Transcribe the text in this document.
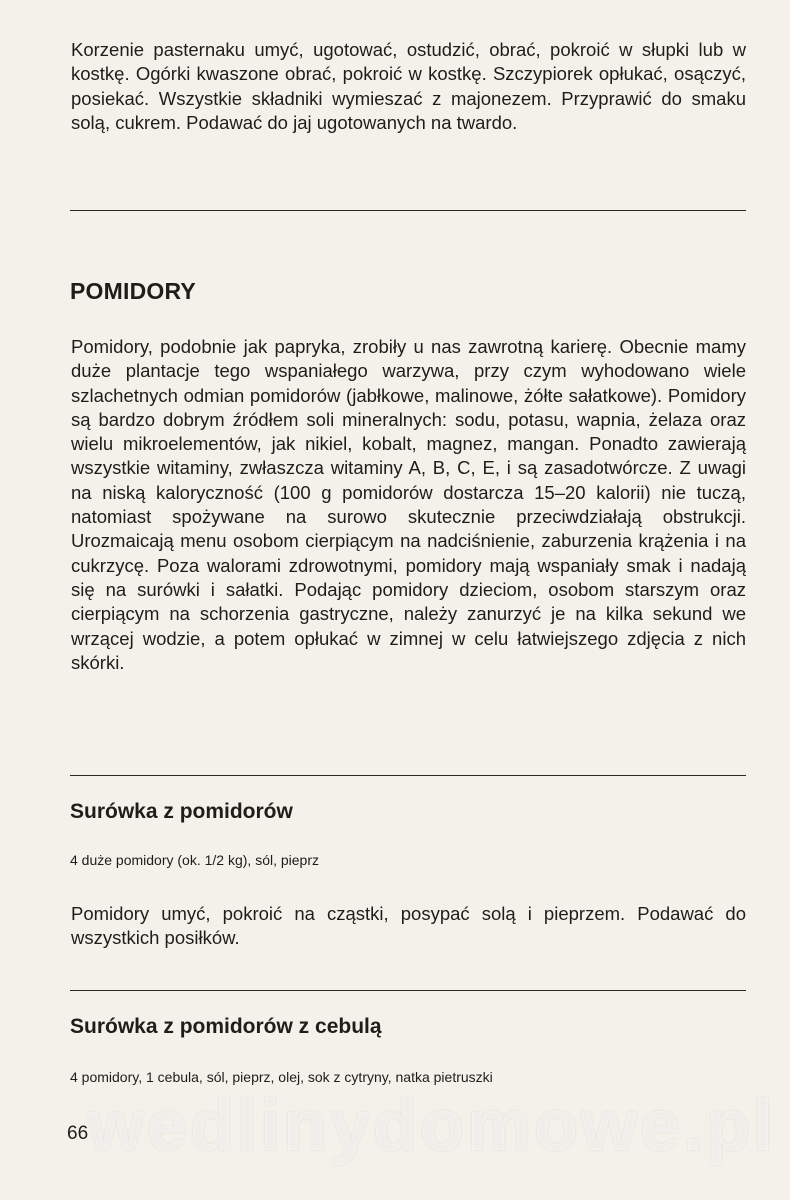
Korzenie pasternaku umyć, ugotować, ostudzić, obrać, pokroić w słupki lub w kostkę. Ogórki kwaszone obrać, pokroić w kostkę. Szczypiorek opłukać, osączyć, posiekać. Wszystkie składniki wymieszać z majonezem. Przyprawić do smaku solą, cukrem. Podawać do jaj ugotowanych na twardo.

POMIDORY

Pomidory, podobnie jak papryka, zrobiły u nas zawrotną karierę. Obecnie mamy duże plantacje tego wspaniałego warzywa, przy czym wyhodowano wiele szlachetnych odmian pomidorów (jabłkowe, malinowe, żółte sałatkowe). Pomidory są bardzo dobrym źródłem soli mineralnych: sodu, potasu, wapnia, żelaza oraz wielu mikroelementów, jak nikiel, kobalt, magnez, mangan. Ponadto zawierają wszystkie witaminy, zwłaszcza witaminy A, B, C, E, i są zasadotwórcze. Z uwagi na niską kaloryczność (100 g pomidorów dostarcza 15–20 kalorii) nie tuczą, natomiast spożywane na surowo skutecznie przeciwdziałają obstrukcji. Urozmaicają menu osobom cierpiącym na nadciśnienie, zaburzenia krążenia i na cukrzycę. Poza walorami zdrowotnymi, pomidory mają wspaniały smak i nadają się na surówki i sałatki. Podając pomidory dzieciom, osobom starszym oraz cierpiącym na schorzenia gastryczne, należy zanurzyć je na kilka sekund we wrzącej wodzie, a potem opłukać w zimnej w celu łatwiejszego zdjęcia z nich skórki.

Surówka z pomidorów

4 duże pomidory (ok. 1/2 kg), sól, pieprz

Pomidory umyć, pokroić na cząstki, posypać solą i pieprzem. Podawać do wszystkich posiłków.

Surówka z pomidorów z cebulą

4 pomidory, 1 cebula, sól, pieprz, olej, sok z cytryny, natka pietruszki

wedlinydomowe.pl

66
